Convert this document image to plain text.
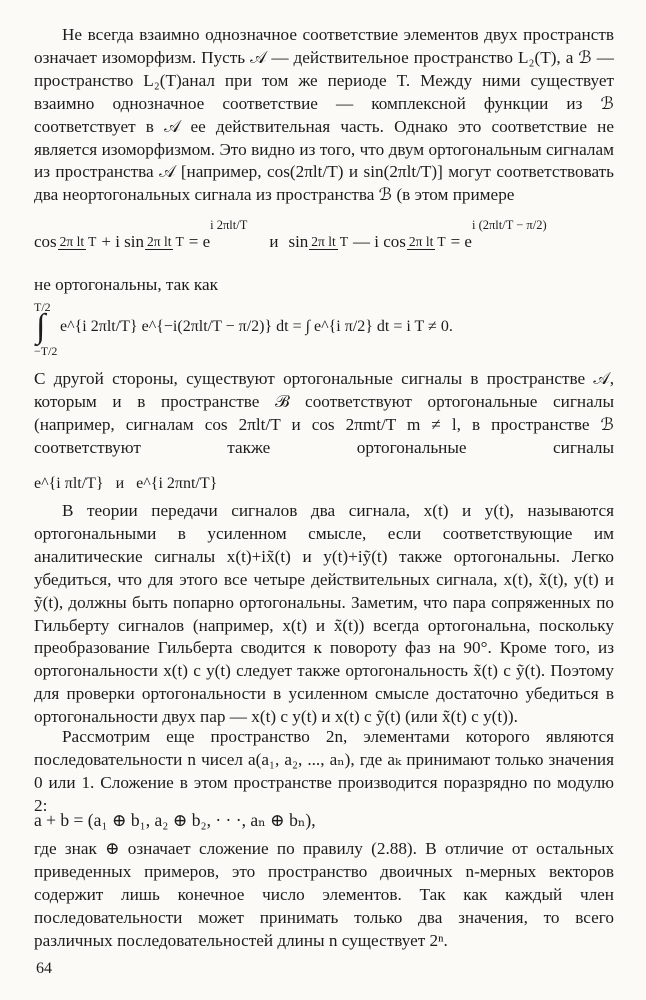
Не всегда взаимно однозначное соответствие элементов двух пространств означает изоморфизм. Пусть 𝒜 — действительное пространство L₂(T), а ℬ — пространство L₂(T)анал при том же периоде T. Между ними существует взаимно однозначное соответствие — комплексной функции из ℬ соответствует в 𝒜 ее действительная часть. Однако это соответствие не является изоморфизмом. Это видно из того, что двум ортогональным сигналам из пространства 𝒜 [например, cos(2πlt/T) и sin(2πlt/T)] могут соответствовать два неортогональных сигнала из пространства ℬ (в этом примере

cos 2π lt T + i sin 2π lt T = e
i 2πlt/T
и sin 2π lt T — i cos 2π lt T = e
i (2πlt/T − π/2)

не ортогональны, так как

T/2
∫
−T/2
e^{i 2πlt/T} e^{−i(2πlt/T − π/2)} dt = ∫ e^{i π/2} dt = i T ≠ 0.

С другой стороны, существуют ортогональные сигналы в пространстве 𝒜, которым и в пространстве ℬ соответствуют ортогональные сигналы (например, сигналам cos 2πlt/T и cos 2πmt/T m ≠ l, в пространстве ℬ соответствуют также ортогональные сигналы

e^{i πlt/T} и e^{i 2πnt/T}

В теории передачи сигналов два сигнала, x(t) и y(t), называются ортогональными в усиленном смысле, если соответствующие им аналитические сигналы x(t)+ix̃(t) и y(t)+iỹ(t) также ортогональны. Легко убедиться, что для этого все четыре действительных сигнала, x(t), x̃(t), y(t) и ỹ(t), должны быть попарно ортогональны. Заметим, что пара сопряженных по Гильберту сигналов (например, x(t) и x̃(t)) всегда ортогональна, поскольку преобразование Гильберта сводится к повороту фаз на 90°. Кроме того, из ортогональности x(t) с y(t) следует также ортогональность x̃(t) с ỹ(t). Поэтому для проверки ортогональности в усиленном смысле достаточно убедиться в ортогональности двух пар — x(t) с y(t) и x(t) с ỹ(t) (или x̃(t) с y(t)).

Рассмотрим еще пространство 2n, элементами которого являются последовательности n чисел a(a₁, a₂, ..., aₙ), где aₖ принимают только значения 0 или 1. Сложение в этом пространстве производится поразрядно по модулю 2:

a + b = (a₁ ⊕ b₁, a₂ ⊕ b₂, · · ·, aₙ ⊕ bₙ),

где знак ⊕ означает сложение по правилу (2.88). В отличие от остальных приведенных примеров, это пространство двоичных n-мерных векторов содержит лишь конечное число элементов. Так как каждый член последовательности может принимать только два значения, то всего различных последовательностей длины n существует 2ⁿ.

64
